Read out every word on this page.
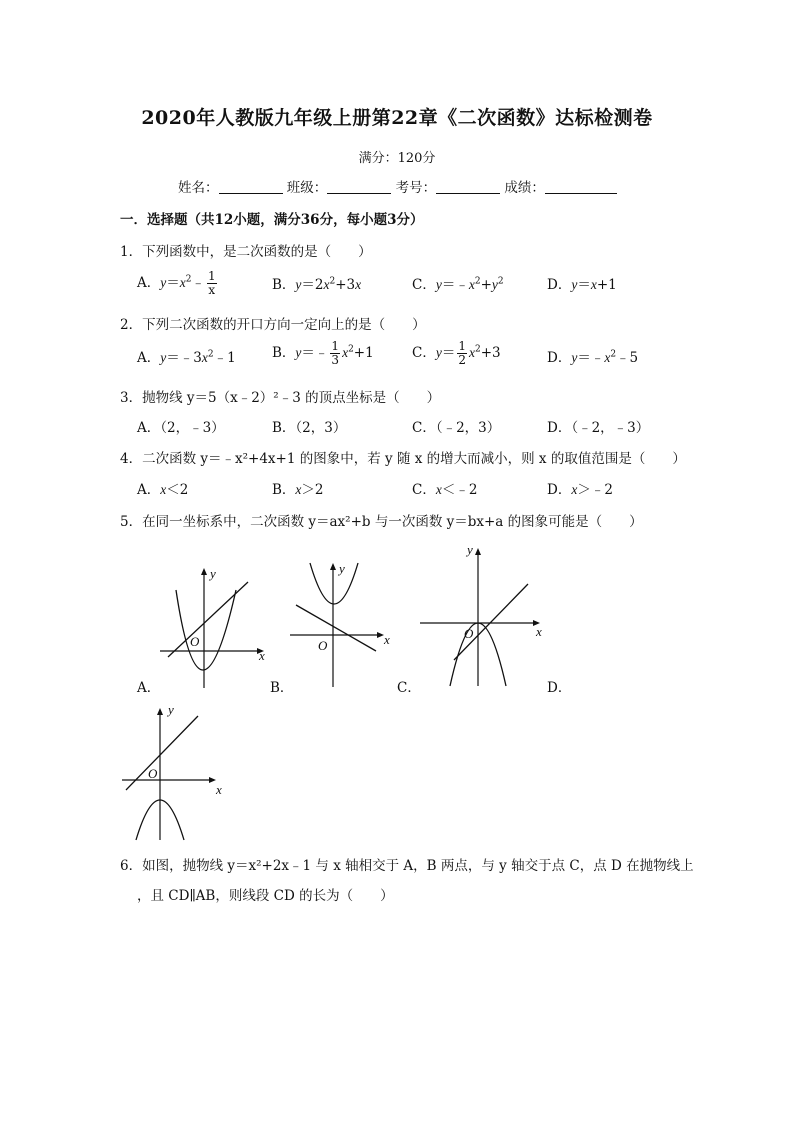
2020年人教版九年级上册第22章《二次函数》达标检测卷
满分：120分
姓名：	班级：	考号：	成绩：
一．选择题（共12小题，满分36分，每小题3分）
1．下列函数中，是二次函数的是（　　）
A．$y=x^2﹣ \frac{1}{x}$	B．$y=2x^2+3x$	C．$y=﹣x^2+y^2$	D．y＝x+1
2．下列二次函数的开口方向一定向上的是（　　）
A．$y=﹣3x^2﹣1$	B．y＝﹣ $\frac{1}{3} x^2+1$	C．$y= \frac{1}{2} x^2+3$	D．$y=﹣x^2﹣5$
3．抛物线 y＝5（x﹣2）²﹣3 的顶点坐标是（　　）
A．（2，﹣3）	B．（2，3）	C．（﹣2，3）	D．（﹣2，﹣3）
4．二次函数 y＝﹣x²+4x+1 的图象中，若 y 随 x 的增大而减小，则 x 的取值范围是（　　）
A．x＜2	B．x＞2	C．x＜﹣2	D．x＞﹣2
5．在同一坐标系中，二次函数 y＝ax²+b 与一次函数 y＝bx+a 的图象可能是（　　）
y
x
O
A．
y
x
O
B．
y
x
O
C．	D．
y
x
O
6．如图，抛物线 y＝x²+2x﹣1 与 x 轴相交于 A，B 两点，与 y 轴交于点 C，点 D 在抛物线上
，且 CD∥AB，则线段 CD 的长为（　　）
